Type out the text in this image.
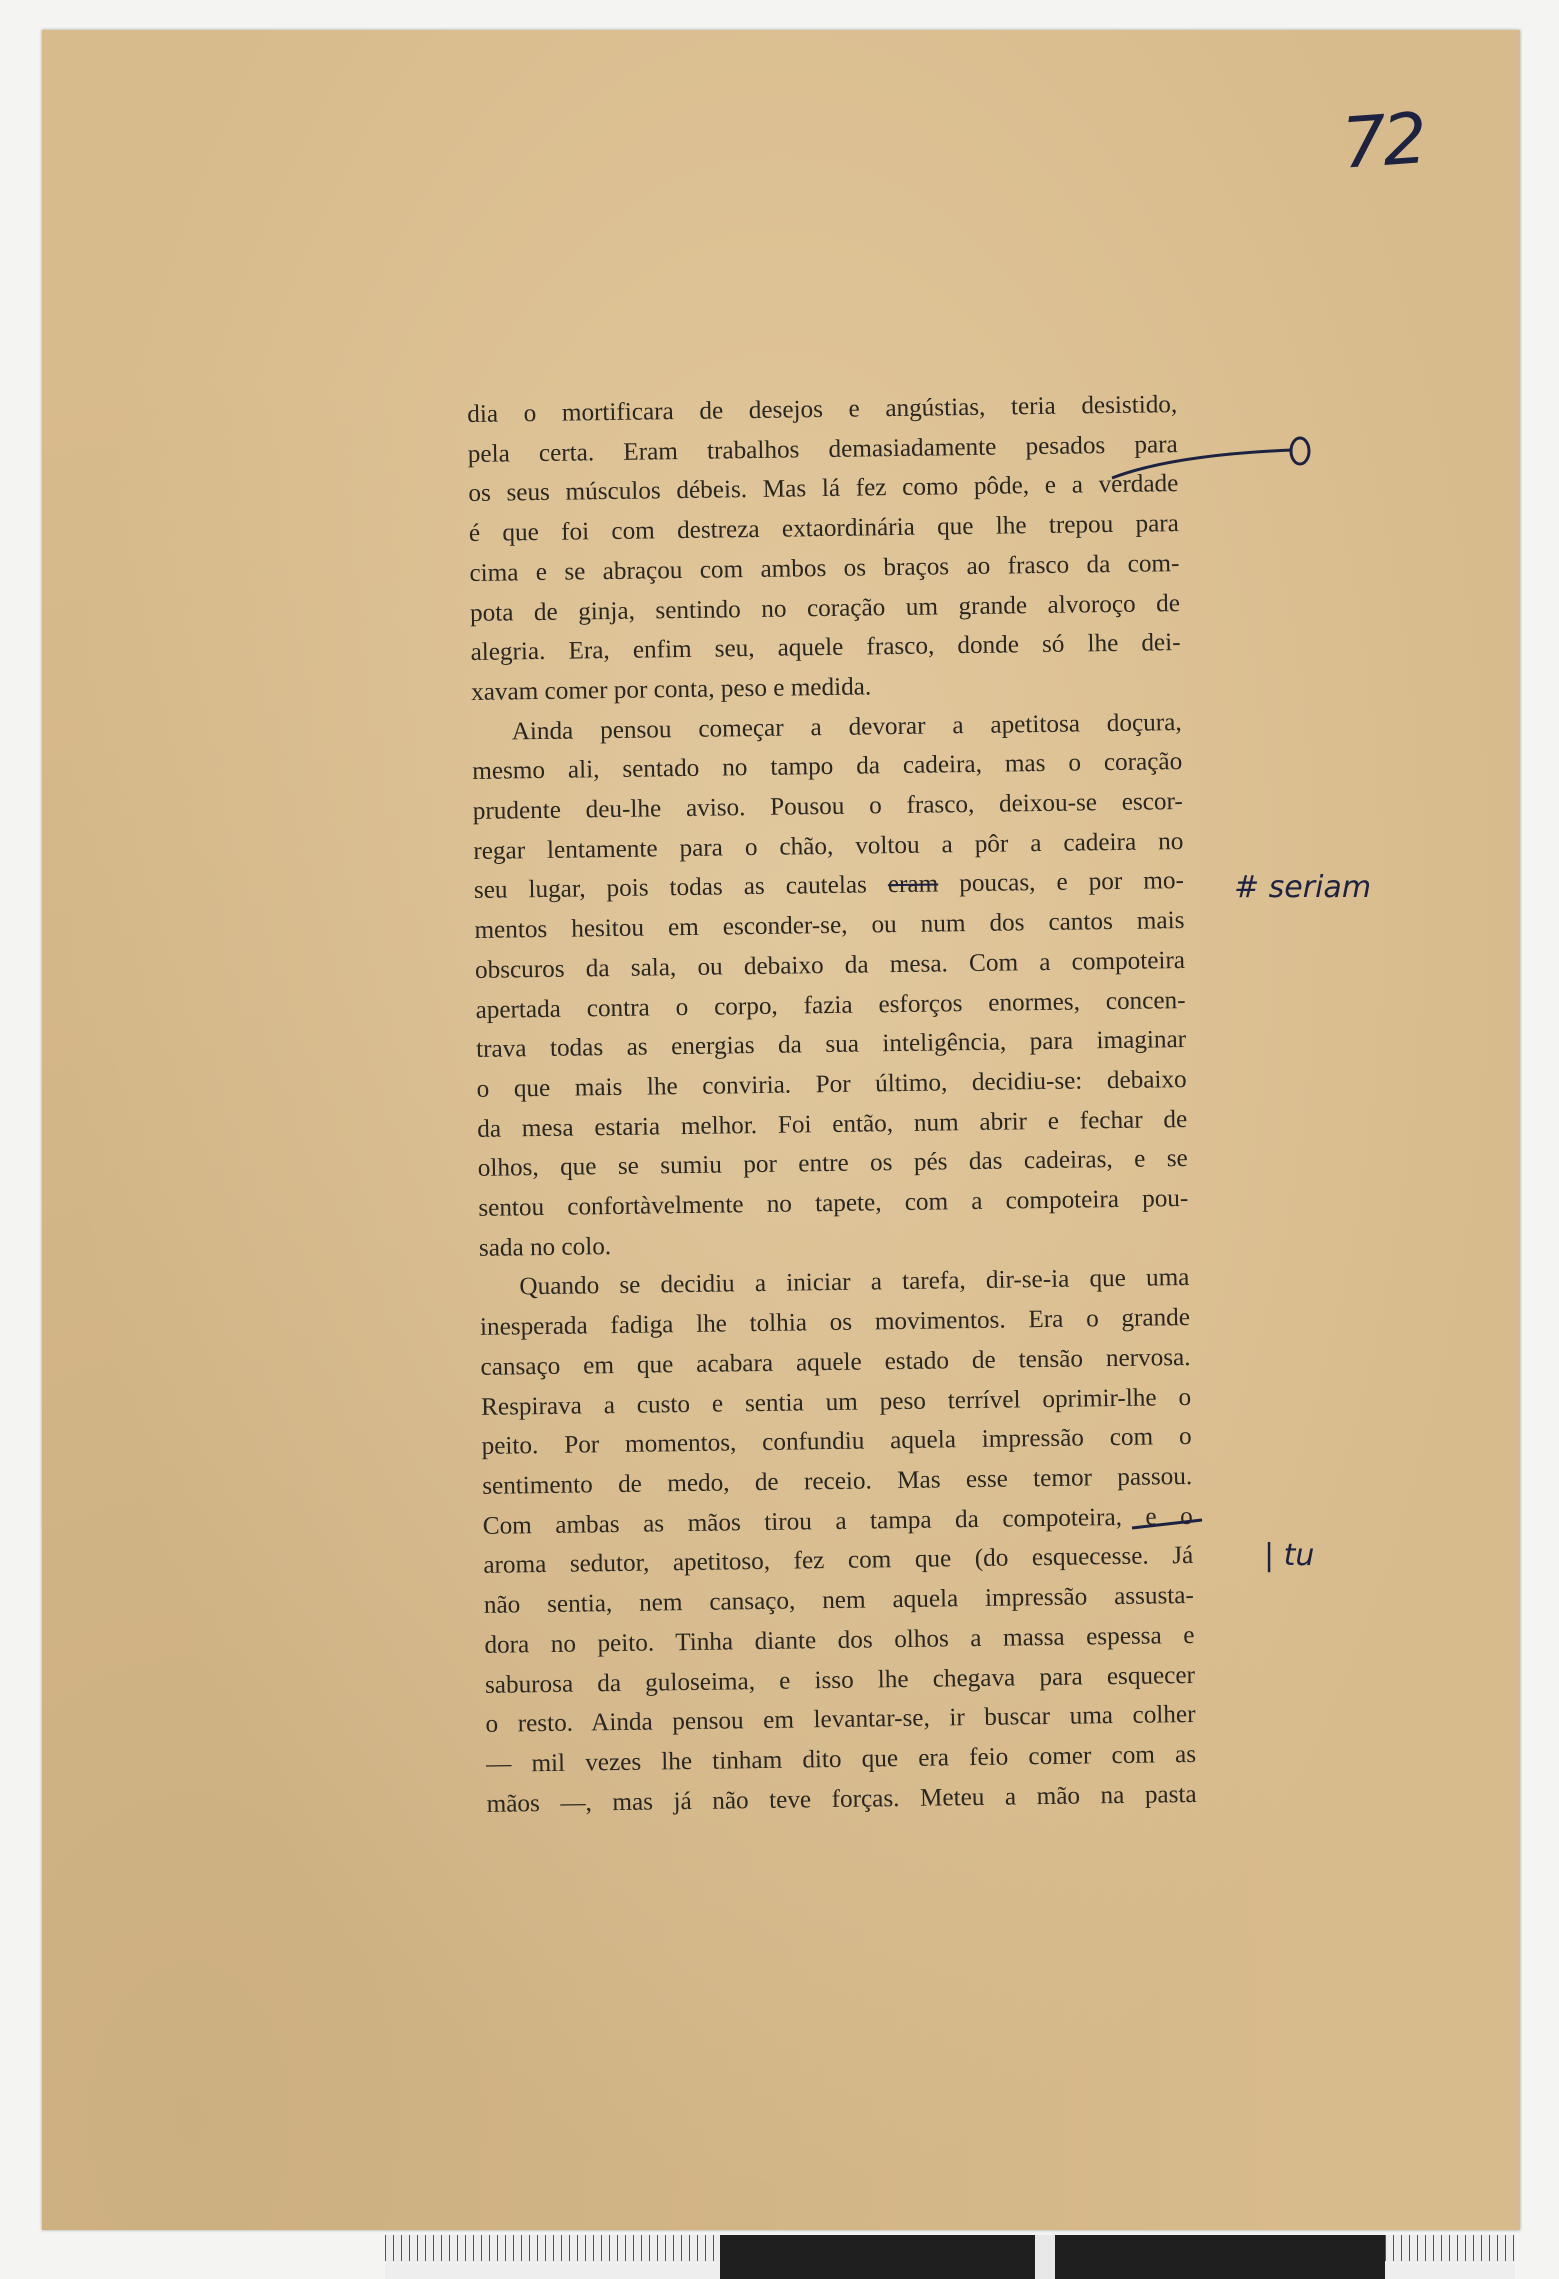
72
dia o mortificara de desejos e angústias, teria desistido,
pela certa. Eram trabalhos demasiadamente pesados para
os seus músculos débeis. Mas lá fez como pôde, e a verdade
é que foi com destreza extaordinária que lhe trepou para
cima e se abraçou com ambos os braços ao frasco da com-
pota de ginja, sentindo no coração um grande alvoroço de
alegria. Era, enfim seu, aquele frasco, donde só lhe dei-
xavam comer por conta, peso e medida.
Ainda pensou começar a devorar a apetitosa doçura,
mesmo ali, sentado no tampo da cadeira, mas o coração
prudente deu-lhe aviso. Pousou o frasco, deixou-se escor-
regar lentamente para o chão, voltou a pôr a cadeira no
seu lugar, pois todas as cautelas eram poucas, e por mo-
mentos hesitou em esconder-se, ou num dos cantos mais
obscuros da sala, ou debaixo da mesa. Com a compoteira
apertada contra o corpo, fazia esforços enormes, concen-
trava todas as energias da sua inteligência, para imaginar
o que mais lhe conviria. Por último, decidiu-se: debaixo
da mesa estaria melhor. Foi então, num abrir e fechar de
olhos, que se sumiu por entre os pés das cadeiras, e se
sentou confortàvelmente no tapete, com a compoteira pou-
sada no colo.
Quando se decidiu a iniciar a tarefa, dir-se-ia que uma
inesperada fadiga lhe tolhia os movimentos. Era o grande
cansaço em que acabara aquele estado de tensão nervosa.
Respirava a custo e sentia um peso terrível oprimir-lhe o
peito. Por momentos, confundiu aquela impressão com o
sentimento de medo, de receio. Mas esse temor passou.
Com ambas as mãos tirou a tampa da compoteira, e o
aroma sedutor, apetitoso, fez com que (do esquecesse. Já
não sentia, nem cansaço, nem aquela impressão assusta-
dora no peito. Tinha diante dos olhos a massa espessa e
saburosa da guloseima, e isso lhe chegava para esquecer
o resto. Ainda pensou em levantar-se, ir buscar uma colher
— mil vezes lhe tinham dito que era feio comer com as
mãos —, mas já não teve forças. Meteu a mão na pasta
# seriam
| tu
